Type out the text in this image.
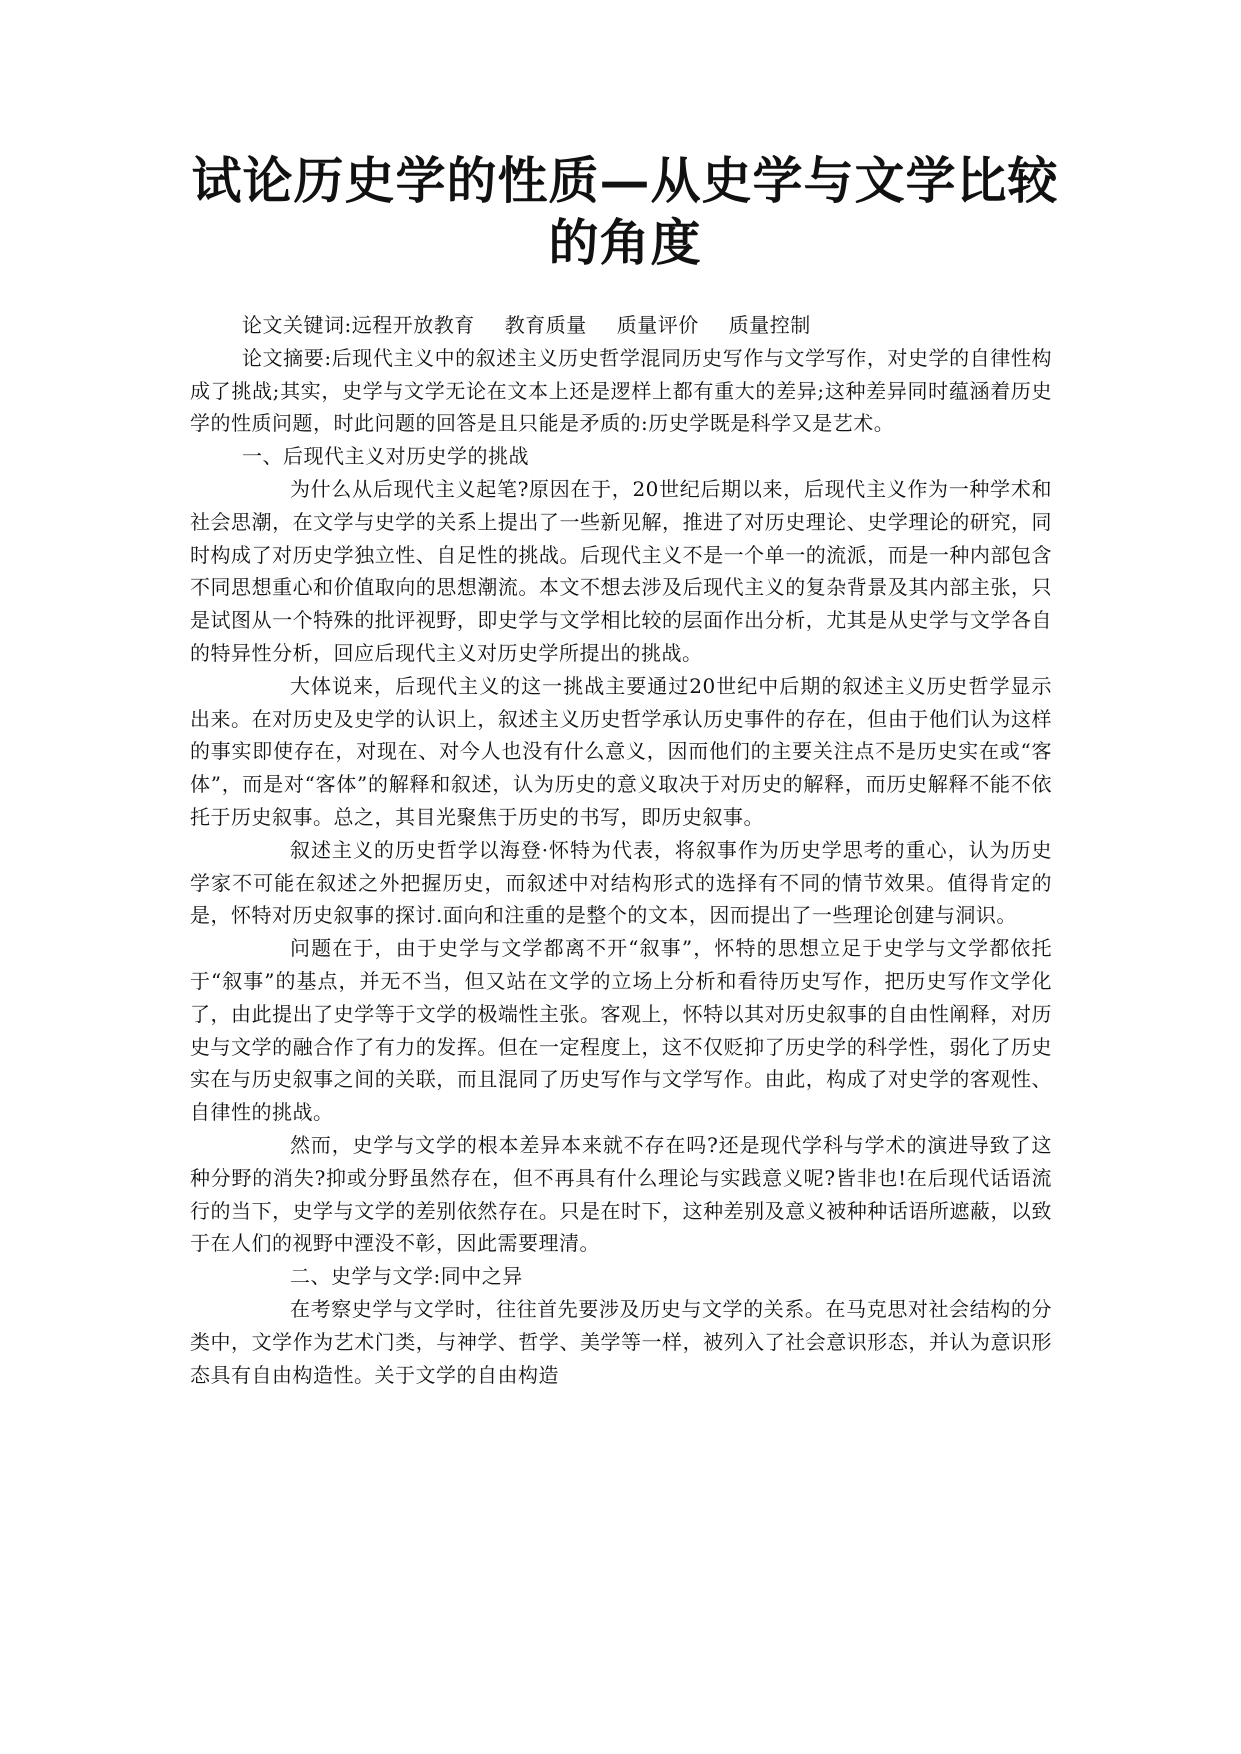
试论历史学的性质—从史学与文学比较的角度

论文关键词:远程开放教育 教育质量 质量评价 质量控制

论文摘要:后现代主义中的叙述主义历史哲学混同历史写作与文学写作，对史学的自律性构成了挑战;其实，史学与文学无论在文本上还是逻样上都有重大的差异;这种差异同时蕴涵着历史学的性质问题，时此问题的回答是且只能是矛质的:历史学既是科学又是艺术。

一、后现代主义对历史学的挑战

为什么从后现代主义起笔?原因在于，20世纪后期以来，后现代主义作为一种学术和社会思潮，在文学与史学的关系上提出了一些新见解，推进了对历史理论、史学理论的研究，同时构成了对历史学独立性、自足性的挑战。后现代主义不是一个单一的流派，而是一种内部包含不同思想重心和价值取向的思想潮流。本文不想去涉及后现代主义的复杂背景及其内部主张，只是试图从一个特殊的批评视野，即史学与文学相比较的层面作出分析，尤其是从史学与文学各自的特异性分析，回应后现代主义对历史学所提出的挑战。

大体说来，后现代主义的这一挑战主要通过20世纪中后期的叙述主义历史哲学显示出来。在对历史及史学的认识上，叙述主义历史哲学承认历史事件的存在，但由于他们认为这样的事实即使存在，对现在、对今人也没有什么意义，因而他们的主要关注点不是历史实在或“客体”，而是对“客体”的解释和叙述，认为历史的意义取决于对历史的解释，而历史解释不能不依托于历史叙事。总之，其目光聚焦于历史的书写，即历史叙事。

叙述主义的历史哲学以海登·怀特为代表，将叙事作为历史学思考的重心，认为历史学家不可能在叙述之外把握历史，而叙述中对结构形式的选择有不同的情节效果。值得肯定的是，怀特对历史叙事的探讨.面向和注重的是整个的文本，因而提出了一些理论创建与洞识。

问题在于，由于史学与文学都离不开“叙事”，怀特的思想立足于史学与文学都依托于“叙事”的基点，并无不当，但又站在文学的立场上分析和看待历史写作，把历史写作文学化了，由此提出了史学等于文学的极端性主张。客观上，怀特以其对历史叙事的自由性阐释，对历史与文学的融合作了有力的发挥。但在一定程度上，这不仅贬抑了历史学的科学性，弱化了历史实在与历史叙事之间的关联，而且混同了历史写作与文学写作。由此，构成了对史学的客观性、自律性的挑战。

然而，史学与文学的根本差异本来就不存在吗?还是现代学科与学术的演进导致了这种分野的消失?抑或分野虽然存在，但不再具有什么理论与实践意义呢?皆非也!在后现代话语流行的当下，史学与文学的差别依然存在。只是在时下，这种差别及意义被种种话语所遮蔽，以致于在人们的视野中湮没不彰，因此需要理清。

二、史学与文学:同中之异

在考察史学与文学时，往往首先要涉及历史与文学的关系。在马克思对社会结构的分类中，文学作为艺术门类，与神学、哲学、美学等一样，被列入了社会意识形态，并认为意识形态具有自由构造性。关于文学的自由构造
